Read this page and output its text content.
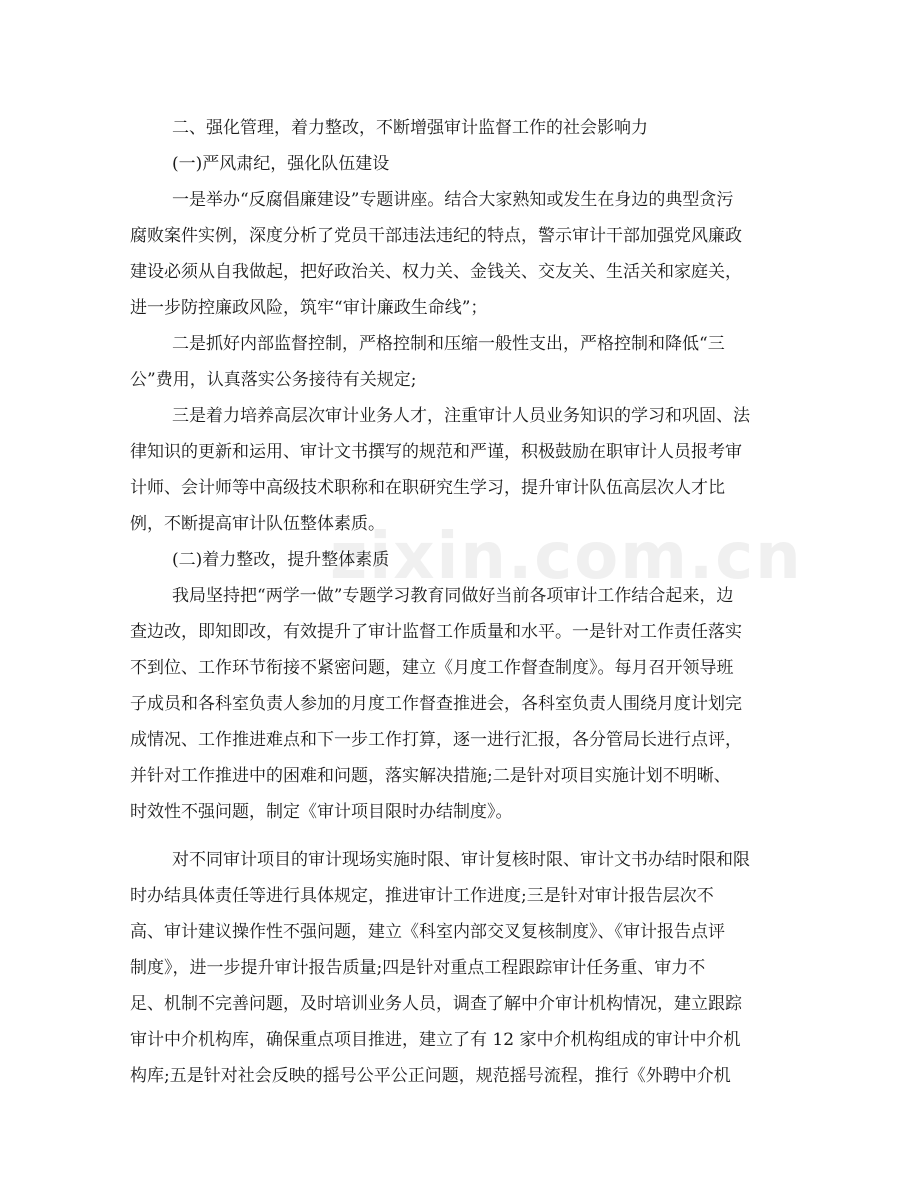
zixin.com.cn

二、强化管理，着力整改，不断增强审计监督工作的社会影响力

(一)严风肃纪，强化队伍建设

一是举办“反腐倡廉建设”专题讲座。结合大家熟知或发生在身边的典型贪污
腐败案件实例，深度分析了党员干部违法违纪的特点，警示审计干部加强党风廉政
建设必须从自我做起，把好政治关、权力关、金钱关、交友关、生活关和家庭关，
进一步防控廉政风险，筑牢“审计廉政生命线”；

二是抓好内部监督控制，严格控制和压缩一般性支出，严格控制和降低“三
公”费用，认真落实公务接待有关规定;

三是着力培养高层次审计业务人才，注重审计人员业务知识的学习和巩固、法
律知识的更新和运用、审计文书撰写的规范和严谨，积极鼓励在职审计人员报考审
计师、会计师等中高级技术职称和在职研究生学习，提升审计队伍高层次人才比
例，不断提高审计队伍整体素质。

(二)着力整改，提升整体素质

我局坚持把“两学一做”专题学习教育同做好当前各项审计工作结合起来，边
查边改，即知即改，有效提升了审计监督工作质量和水平。一是针对工作责任落实
不到位、工作环节衔接不紧密问题，建立《月度工作督查制度》。每月召开领导班
子成员和各科室负责人参加的月度工作督查推进会，各科室负责人围绕月度计划完
成情况、工作推进难点和下一步工作打算，逐一进行汇报，各分管局长进行点评，
并针对工作推进中的困难和问题，落实解决措施;二是针对项目实施计划不明晰、
时效性不强问题，制定《审计项目限时办结制度》。

对不同审计项目的审计现场实施时限、审计复核时限、审计文书办结时限和限
时办结具体责任等进行具体规定，推进审计工作进度;三是针对审计报告层次不
高、审计建议操作性不强问题，建立《科室内部交叉复核制度》、《审计报告点评
制度》，进一步提升审计报告质量;四是针对重点工程跟踪审计任务重、审力不
足、机制不完善问题，及时培训业务人员，调查了解中介审计机构情况，建立跟踪
审计中介机构库，确保重点项目推进，建立了有 12 家中介机构组成的审计中介机
构库;五是针对社会反映的摇号公平公正问题，规范摇号流程，推行《外聘中介机
